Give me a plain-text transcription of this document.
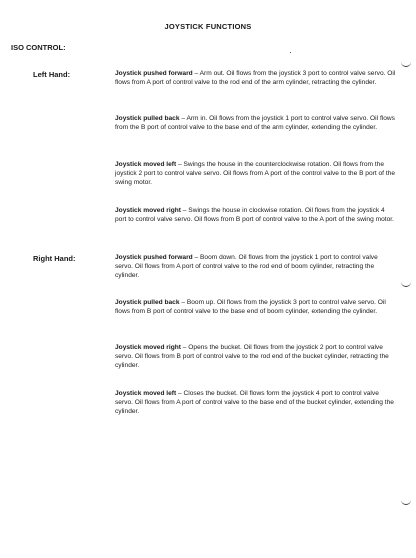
JOYSTICK FUNCTIONS
ISO CONTROL:
Left Hand:
Right Hand:
Joystick pushed forward – Arm out. Oil flows from the joystick 3 port to control valve servo. Oil flows from A port of control valve to the rod end of the arm cylinder, retracting the cylinder.
Joystick pulled back – Arm in. Oil flows from the joystick 1 port to control valve servo. Oil flows from the B port of control valve to the base end of the arm cylinder, extending the cylinder.
Joystick moved left – Swings the house in the counterclockwise rotation. Oil flows from the joystick 2 port to control valve servo. Oil flows from A port of the control valve to the B port of the swing motor.
Joystick moved right – Swings the house in clockwise rotation. Oil flows from the joystick 4 port to control valve servo. Oil flows from B port of control valve to the A port of the swing motor.
Joystick pushed forward – Boom down. Oil flows from the joystick 1 port to control valve servo. Oil flows from A port of control valve to the rod end of boom cylinder, retracting the cylinder.
Joystick pulled back – Boom up. Oil flows from the joystick 3 port to control valve servo. Oil flows from B port of control valve to the base end of boom cylinder, extending the cylinder.
Joystick moved right – Opens the bucket. Oil flows from the joystick 2 port to control valve servo. Oil flows from B port of control valve to the rod end of the bucket cylinder, retracting the cylinder.
Joystick moved left – Closes the bucket. Oil flows form the joystick 4 port to control valve servo. Oil flows from A port of control valve to the base end of the bucket cylinder, extending the cylinder.
